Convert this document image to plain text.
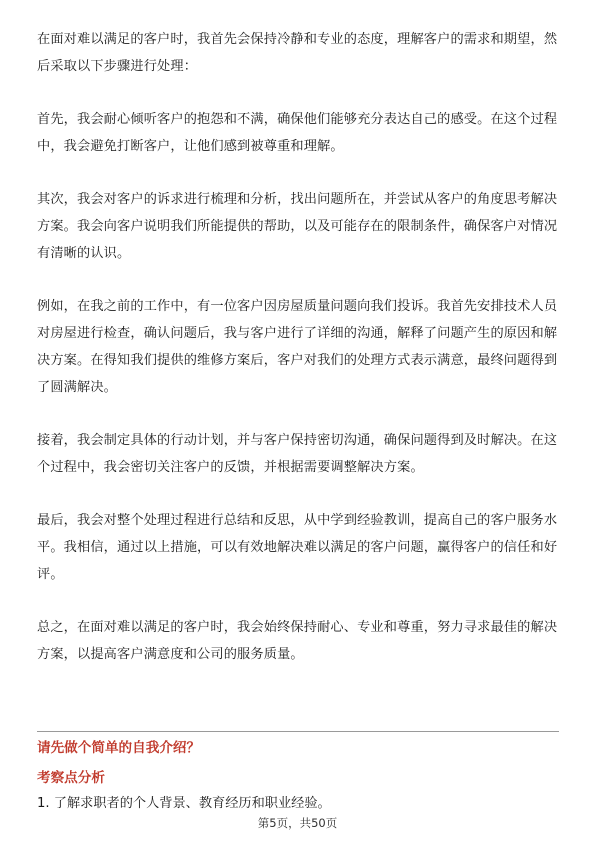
在面对难以满足的客户时，我首先会保持冷静和专业的态度，理解客户的需求和期望，然后采取以下步骤进行处理：

首先，我会耐心倾听客户的抱怨和不满，确保他们能够充分表达自己的感受。在这个过程中，我会避免打断客户，让他们感到被尊重和理解。

其次，我会对客户的诉求进行梳理和分析，找出问题所在，并尝试从客户的角度思考解决方案。我会向客户说明我们所能提供的帮助，以及可能存在的限制条件，确保客户对情况有清晰的认识。

例如，在我之前的工作中，有一位客户因房屋质量问题向我们投诉。我首先安排技术人员对房屋进行检查，确认问题后，我与客户进行了详细的沟通，解释了问题产生的原因和解决方案。在得知我们提供的维修方案后，客户对我们的处理方式表示满意，最终问题得到了圆满解决。

接着，我会制定具体的行动计划，并与客户保持密切沟通，确保问题得到及时解决。在这个过程中，我会密切关注客户的反馈，并根据需要调整解决方案。

最后，我会对整个处理过程进行总结和反思，从中学到经验教训，提高自己的客户服务水平。我相信，通过以上措施，可以有效地解决难以满足的客户问题，赢得客户的信任和好评。

总之，在面对难以满足的客户时，我会始终保持耐心、专业和尊重，努力寻求最佳的解决方案，以提高客户满意度和公司的服务质量。

请先做个简单的自我介绍？

考察点分析

1. 了解求职者的个人背景、教育经历和职业经验。

第5页，共50页
